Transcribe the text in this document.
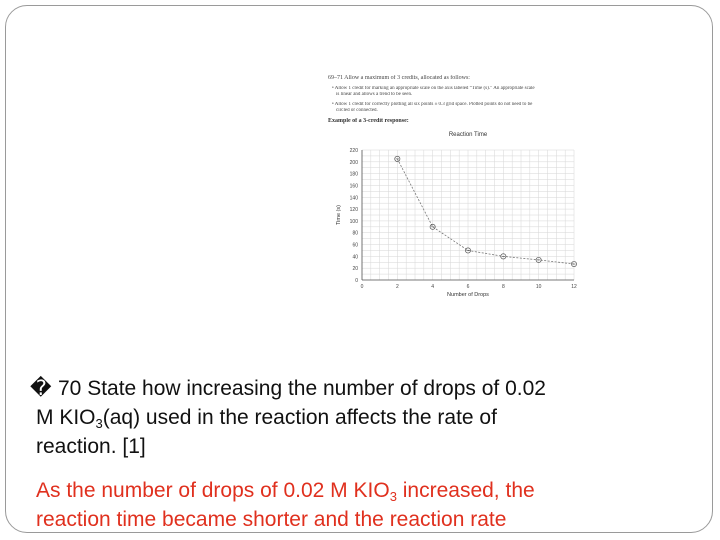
69–71 Allow a maximum of 3 credits, allocated as follows:
• Allow 1 credit for marking an appropriate scale on the axis labeled “Time (s).” An appropriate scale
is linear and allows a trend to be seen.
• Allow 1 credit for correctly plotting all six points ± 0.3 grid space. Plotted points do not need to be
circled or connected.
Example of a 3-credit response:
Reaction Time
0	2	4	6	8	10	12
0
20
40
60
80
100
120
140
160
180
200
220
Number of Drops
Time (s)
� 70 State how increasing the number of drops of 0.02
M $KIO_3(aq)$ used in the reaction affects the rate of
reaction. [1]
As the number of drops of 0.02 M $KIO_3$ increased, the
reaction time became shorter and the reaction rate
